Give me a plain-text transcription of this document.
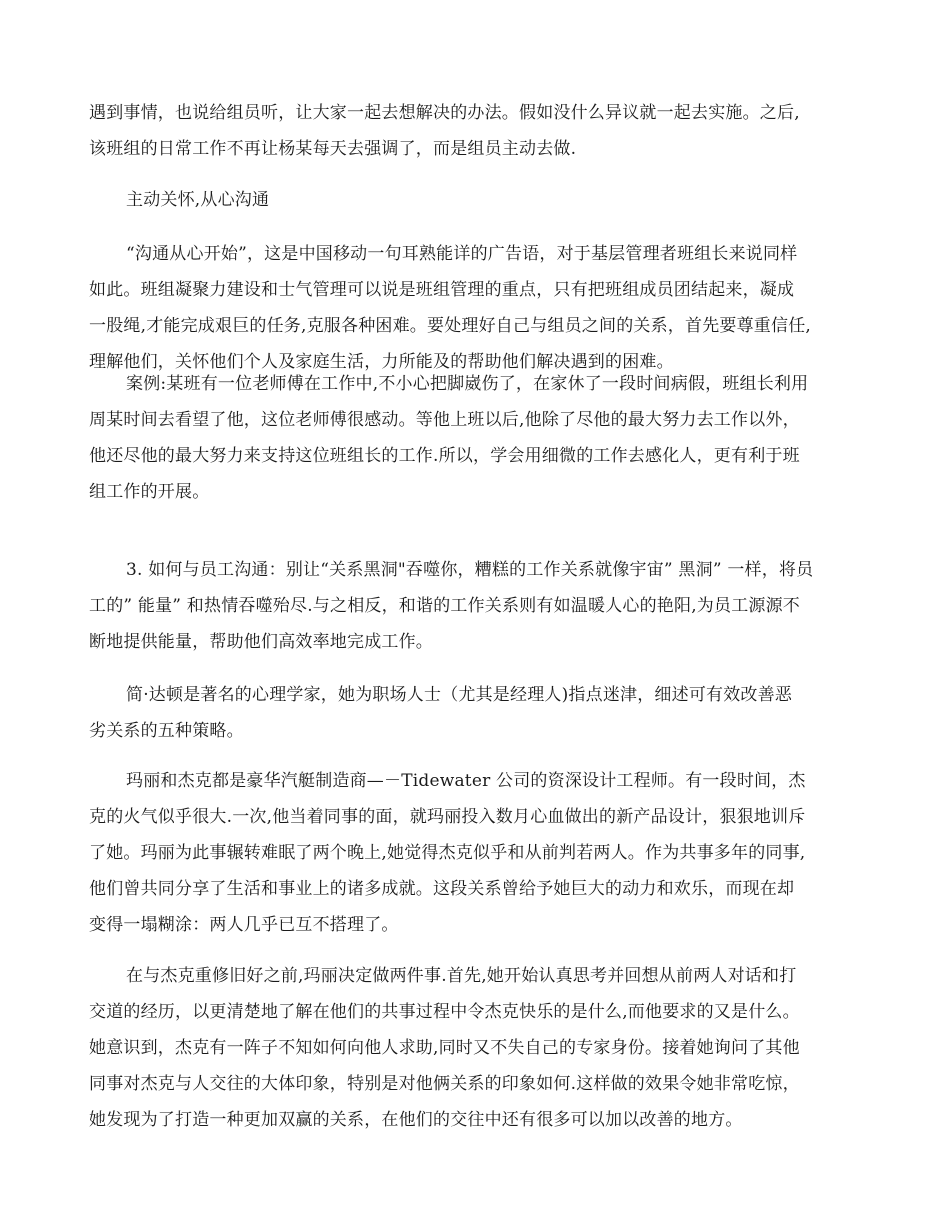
遇到事情，也说给组员听，让大家一起去想解决的办法。假如没什么异议就一起去实施。之后,
该班组的日常工作不再让杨某每天去强调了，而是组员主动去做.
主动关怀,从心沟通
“沟通从心开始”，这是中国移动一句耳熟能详的广告语，对于基层管理者班组长来说同样
如此。班组凝聚力建设和士气管理可以说是班组管理的重点，只有把班组成员团结起来，凝成
一股绳,才能完成艰巨的任务,克服各种困难。要处理好自己与组员之间的关系，首先要尊重信任,
理解他们，关怀他们个人及家庭生活，力所能及的帮助他们解决遇到的困难。
案例:某班有一位老师傅在工作中,不小心把脚崴伤了，在家休了一段时间病假，班组长利用
周某时间去看望了他，这位老师傅很感动。等他上班以后,他除了尽他的最大努力去工作以外，
他还尽他的最大努力来支持这位班组长的工作.所以，学会用细微的工作去感化人，更有利于班
组工作的开展。
3. 如何与员工沟通：别让“关系黑洞"吞噬你，糟糕的工作关系就像宇宙” 黑洞” 一样，将员
工的” 能量” 和热情吞噬殆尽.与之相反，和谐的工作关系则有如温暖人心的艳阳,为员工源源不
断地提供能量，帮助他们高效率地完成工作。
简·达顿是著名的心理学家，她为职场人士（尤其是经理人)指点迷津，细述可有效改善恶
劣关系的五种策略。
玛丽和杰克都是豪华汽艇制造商—－Tidewater 公司的资深设计工程师。有一段时间，杰
克的火气似乎很大.一次,他当着同事的面，就玛丽投入数月心血做出的新产品设计，狠狠地训斥
了她。玛丽为此事辗转难眠了两个晚上,她觉得杰克似乎和从前判若两人。作为共事多年的同事,
他们曾共同分享了生活和事业上的诸多成就。这段关系曾给予她巨大的动力和欢乐，而现在却
变得一塌糊涂：两人几乎已互不搭理了。
在与杰克重修旧好之前,玛丽决定做两件事.首先,她开始认真思考并回想从前两人对话和打
交道的经历，以更清楚地了解在他们的共事过程中令杰克快乐的是什么,而他要求的又是什么。
她意识到，杰克有一阵子不知如何向他人求助,同时又不失自己的专家身份。接着她询问了其他
同事对杰克与人交往的大体印象，特别是对他俩关系的印象如何.这样做的效果令她非常吃惊，
她发现为了打造一种更加双赢的关系，在他们的交往中还有很多可以加以改善的地方。
